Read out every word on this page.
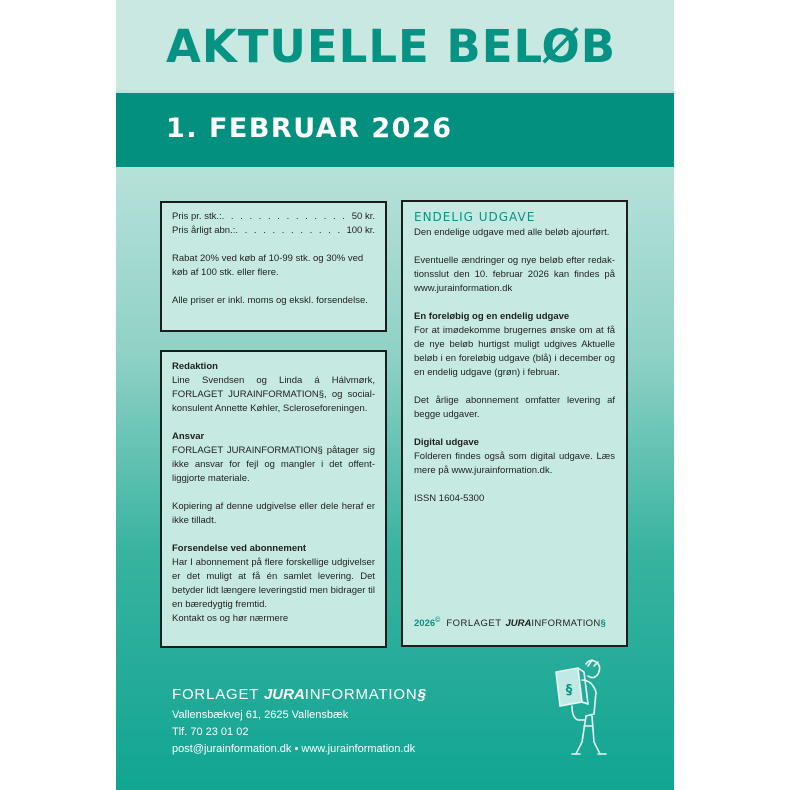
AKTUELLE BELØB
1. FEBRUAR 2026
Pris pr. stk.: . . .	50 kr.
Pris årligt abn.: . . .	100 kr.

Rabat 20% ved køb af 10-99 stk. og 30% ved køb af 100 stk. eller flere.

Alle priser er inkl. moms og ekskl. forsendelse.

Redaktion

Line Svendsen og Linda á Hálvmørk, FORLAGET JURAINFORMATION§, og socialkonsulent Annette Køhler, Scleroseforeningen.

Ansvar

FORLAGET JURAINFORMATION§ påtager sig ikke ansvar for fejl og mangler i det offentliggjorte materiale.

Kopiering af denne udgivelse eller dele heraf er ikke tilladt.

Forsendelse ved abonnement

Har I abonnement på flere forskellige udgivelser er det muligt at få én samlet levering. Det betyder lidt længere leveringstid men bidrager til en bæredygtig fremtid.

Kontakt os og hør nærmere

ENDELIG UDGAVE

Den endelige udgave med alle beløb ajourført.

Eventuelle ændringer og nye beløb efter redaktionsslut den 10. februar 2026 kan findes på www.jurainformation.dk

En foreløbig og en endelig udgave

For at imødekomme brugernes ønske om at få de nye beløb hurtigst muligt udgives Aktuelle beløb i en foreløbig udgave (blå) i december og en endelig udgave (grøn) i februar.

Det årlige abonnement omfatter levering af begge udgaver.

Digital udgave

Folderen findes også som digital udgave. Læs mere på www.jurainformation.dk.

ISSN 1604-5300

2026© FORLAGET JURA INFORMATION §

FORLAGET JURAINFORMATION§

Vallensbækvej 61, 2625 Vallensbæk

Tlf. 70 23 01 02

post@jurainformation.dk • www.jurainformation.dk

§
